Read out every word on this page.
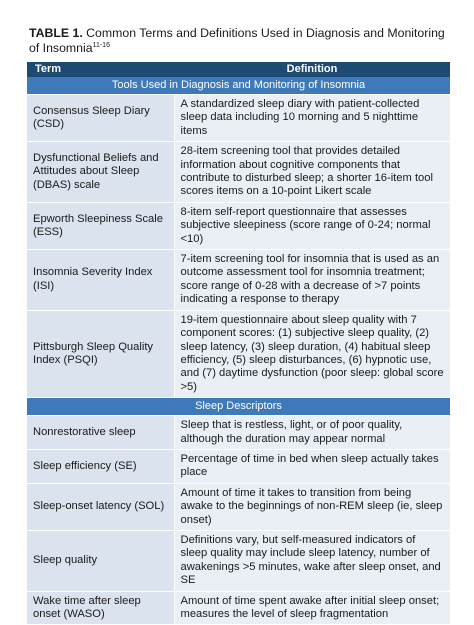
TABLE 1. Common Terms and Definitions Used in Diagnosis and Monitoring of Insomnia$^{11-16}$
Term	Definition
Tools Used in Diagnosis and Monitoring of Insomnia	
Consensus Sleep Diary (CSD)	A standardized sleep diary with patient-collected sleep data including 10 morning and 5 nighttime items
Dysfunctional Beliefs and Attitudes about Sleep (DBAS) scale	28-item screening tool that provides detailed information about cognitive components that contribute to disturbed sleep; a shorter 16-item tool scores items on a 10-point Likert scale
Epworth Sleepiness Scale (ESS)	8-item self-report questionnaire that assesses subjective sleepiness (score range of 0-24; normal <10)
Insomnia Severity Index (ISI)	7-item screening tool for insomnia that is used as an outcome assessment tool for insomnia treatment; score range of 0-28 with a decrease of >7 points indicating a response to therapy
Pittsburgh Sleep Quality Index (PSQI)	19-item questionnaire about sleep quality with 7 component scores: (1) subjective sleep quality, (2) sleep latency, (3) sleep duration, (4) habitual sleep efficiency, (5) sleep disturbances, (6) hypnotic use, and (7) daytime dysfunction (poor sleep: global score >5)
Sleep Descriptors	
Nonrestorative sleep	Sleep that is restless, light, or of poor quality, although the duration may appear normal
Sleep efficiency (SE)	Percentage of time in bed when sleep actually takes place
Sleep-onset latency (SOL)	Amount of time it takes to transition from being awake to the beginnings of non-REM sleep (ie, sleep onset)
Sleep quality	Definitions vary, but self-measured indicators of sleep quality may include sleep latency, number of awakenings >5 minutes, wake after sleep onset, and SE
Wake time after sleep onset (WASO)	Amount of time spent awake after initial sleep onset; measures the level of sleep fragmentation
